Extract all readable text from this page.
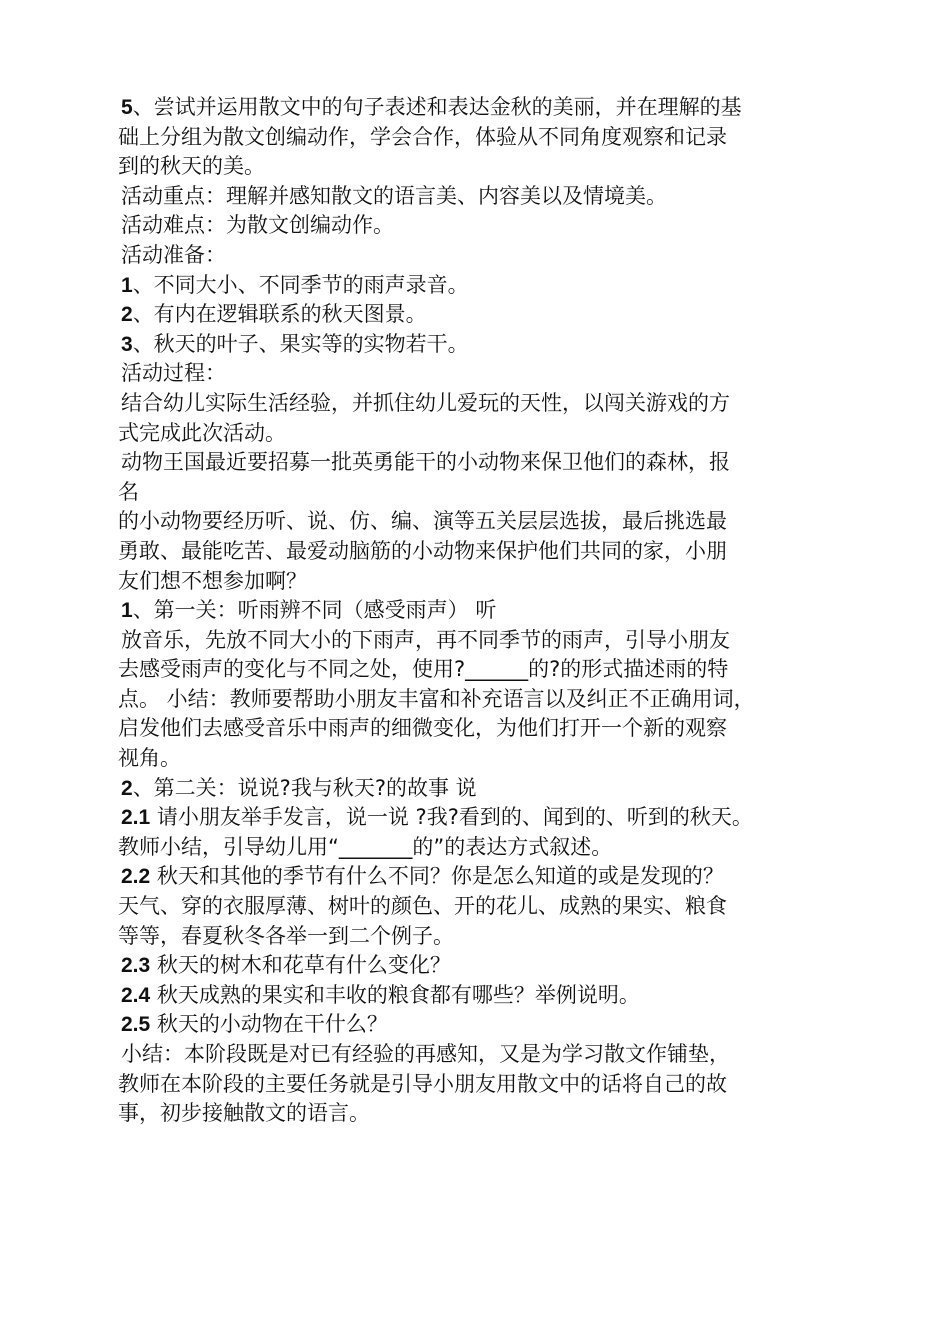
5、尝试并运用散文中的句子表述和表达金秋的美丽，并在理解的基
础上分组为散文创编动作，学会合作，体验从不同角度观察和记录
到的秋天的美。
活动重点：理解并感知散文的语言美、内容美以及情境美。
活动难点：为散文创编动作。
活动准备：
1、不同大小、不同季节的雨声录音。
2、有内在逻辑联系的秋天图景。
3、秋天的叶子、果实等的实物若干。
活动过程：
结合幼儿实际生活经验，并抓住幼儿爱玩的天性，以闯关游戏的方
式完成此次活动。
动物王国最近要招募一批英勇能干的小动物来保卫他们的森林，报
名
的小动物要经历听、说、仿、编、演等五关层层选拔，最后挑选最
勇敢、最能吃苦、最爱动脑筋的小动物来保护他们共同的家，小朋
友们想不想参加啊？
1、第一关：听雨辨不同（感受雨声） 听
放音乐，先放不同大小的下雨声，再不同季节的雨声，引导小朋友
去感受雨声的变化与不同之处，使用?______的?的形式描述雨的特
点。 小结：教师要帮助小朋友丰富和补充语言以及纠正不正确用词，
启发他们去感受音乐中雨声的细微变化，为他们打开一个新的观察
视角。
2、第二关：说说?我与秋天?的故事 说
2.1 请小朋友举手发言，说一说 ?我?看到的、闻到的、听到的秋天。
教师小结，引导幼儿用“_______的”的表达方式叙述。
2.2 秋天和其他的季节有什么不同？你是怎么知道的或是发现的？
天气、穿的衣服厚薄、树叶的颜色、开的花儿、成熟的果实、粮食
等等，春夏秋冬各举一到二个例子。
2.3 秋天的树木和花草有什么变化？
2.4 秋天成熟的果实和丰收的粮食都有哪些？举例说明。
2.5 秋天的小动物在干什么？
小结：本阶段既是对已有经验的再感知，又是为学习散文作铺垫，
教师在本阶段的主要任务就是引导小朋友用散文中的话将自己的故
事，初步接触散文的语言。
